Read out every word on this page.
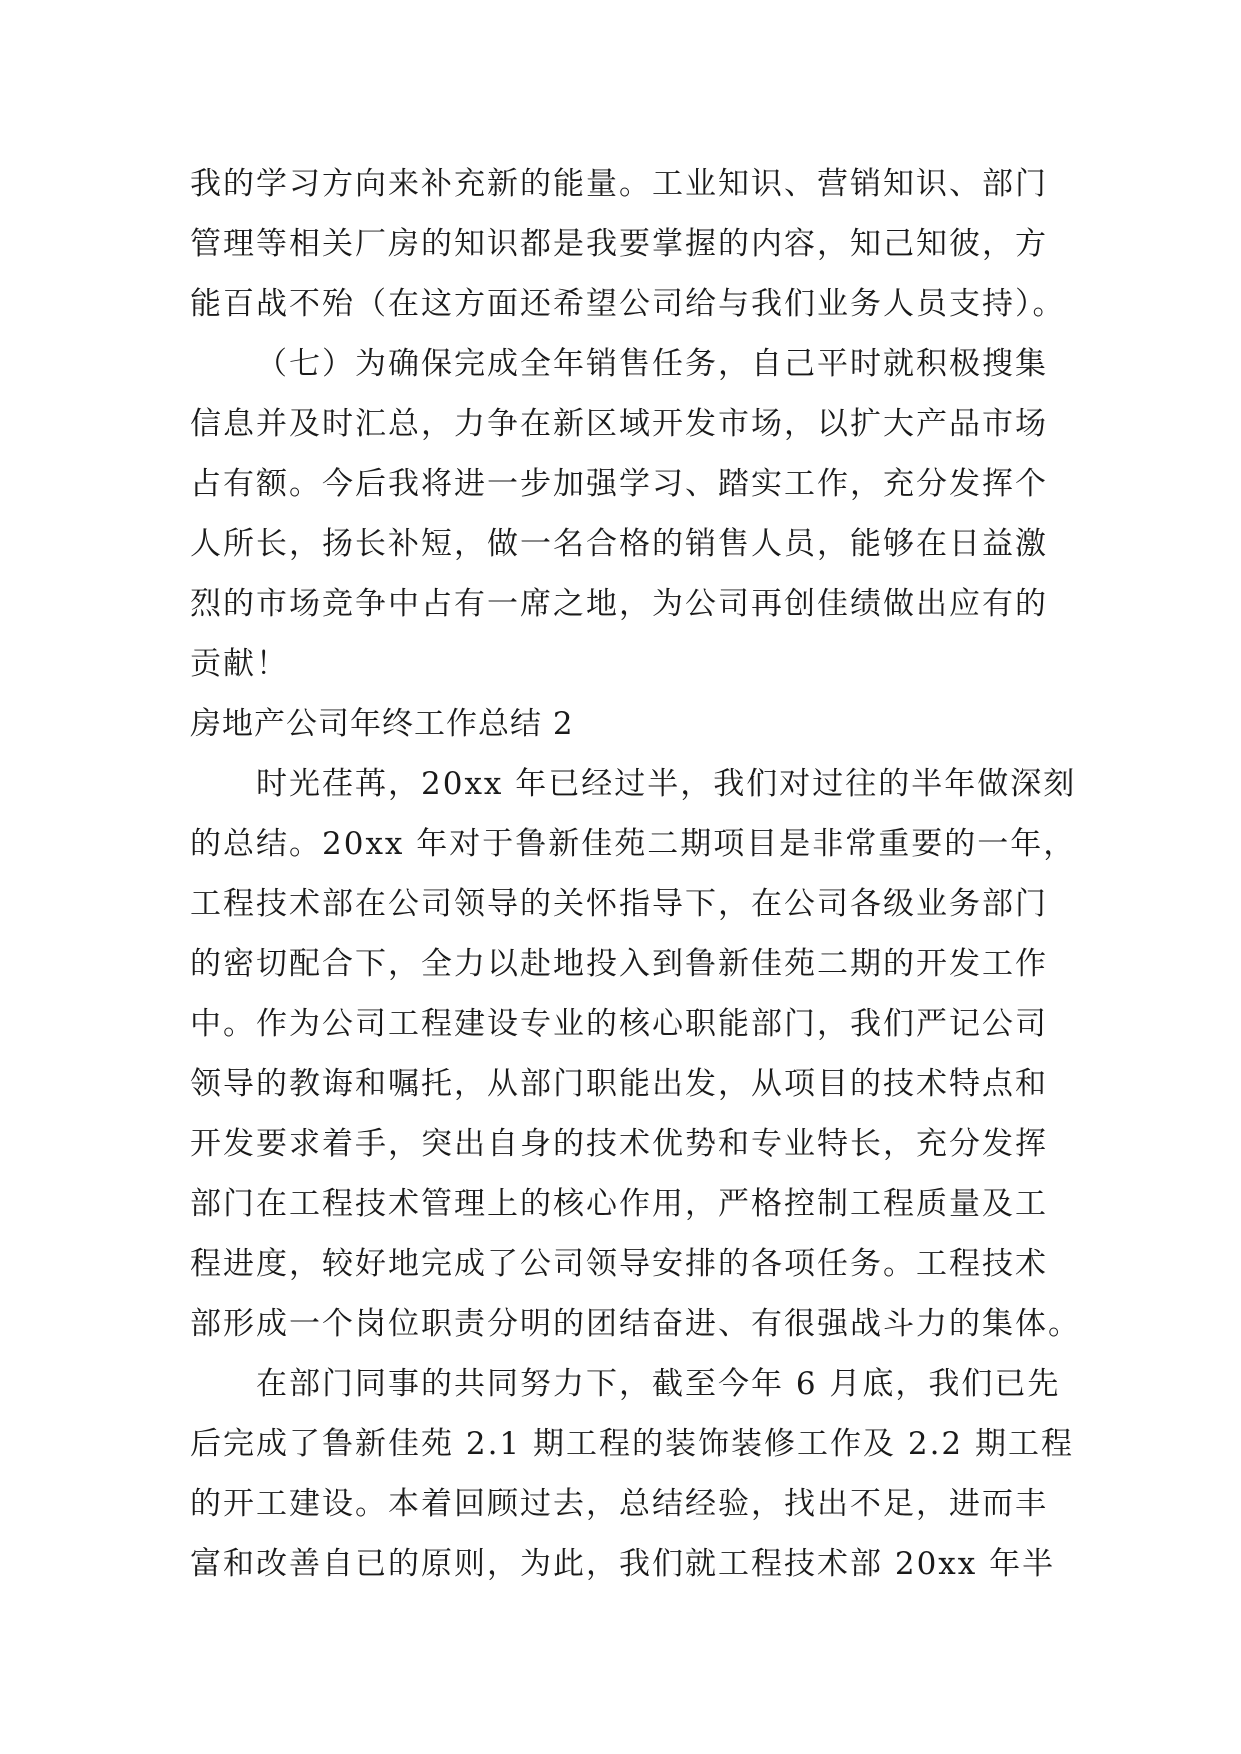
我的学习方向来补充新的能量。工业知识、营销知识、部门
管理等相关厂房的知识都是我要掌握的内容，知己知彼，方
能百战不殆（在这方面还希望公司给与我们业务人员支持）。
（七）为确保完成全年销售任务，自己平时就积极搜集
信息并及时汇总，力争在新区域开发市场，以扩大产品市场
占有额。今后我将进一步加强学习、踏实工作，充分发挥个
人所长，扬长补短，做一名合格的销售人员，能够在日益激
烈的市场竞争中占有一席之地，为公司再创佳绩做出应有的
贡献！
房地产公司年终工作总结 2
时光荏苒，20xx 年已经过半，我们对过往的半年做深刻
的总结。20xx 年对于鲁新佳苑二期项目是非常重要的一年，
工程技术部在公司领导的关怀指导下，在公司各级业务部门
的密切配合下，全力以赴地投入到鲁新佳苑二期的开发工作
中。作为公司工程建设专业的核心职能部门，我们严记公司
领导的教诲和嘱托，从部门职能出发，从项目的技术特点和
开发要求着手，突出自身的技术优势和专业特长，充分发挥
部门在工程技术管理上的核心作用，严格控制工程质量及工
程进度，较好地完成了公司领导安排的各项任务。工程技术
部形成一个岗位职责分明的团结奋进、有很强战斗力的集体。
在部门同事的共同努力下，截至今年 6 月底，我们已先
后完成了鲁新佳苑 2.1 期工程的装饰装修工作及 2.2 期工程
的开工建设。本着回顾过去，总结经验，找出不足，进而丰
富和改善自已的原则，为此，我们就工程技术部 20xx 年半
